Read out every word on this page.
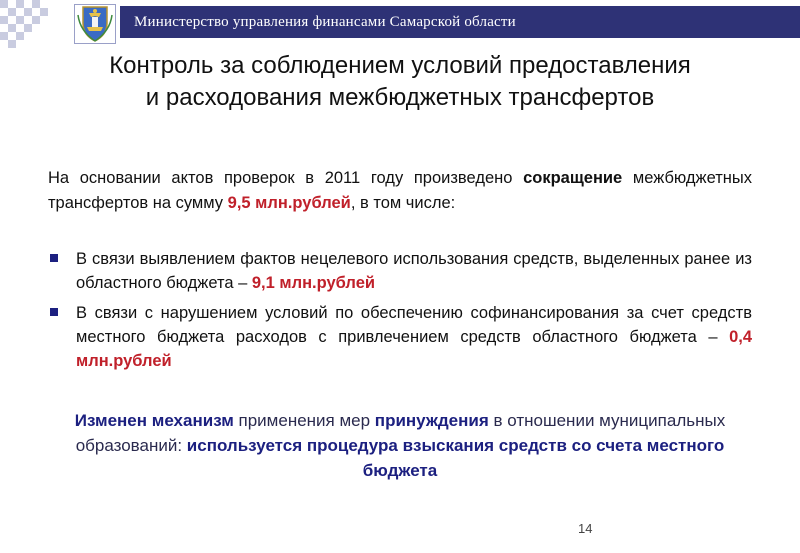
Министерство управления финансами Самарской области
Контроль за соблюдением условий предоставления
и расходования межбюджетных трансфертов
На основании актов проверок в 2011 году произведено сокращение межбюджетных трансфертов на сумму 9,5 млн.рублей, в том числе:
В связи выявлением фактов нецелевого использования средств, выделенных ранее из областного бюджета – 9,1 млн.рублей
В связи с нарушением условий по обеспечению софинансирования за счет средств местного бюджета расходов с привлечением средств областного бюджета – 0,4 млн.рублей
Изменен механизм применения мер принуждения в отношении муниципальных образований: используется процедура взыскания средств со счета местного бюджета
14
